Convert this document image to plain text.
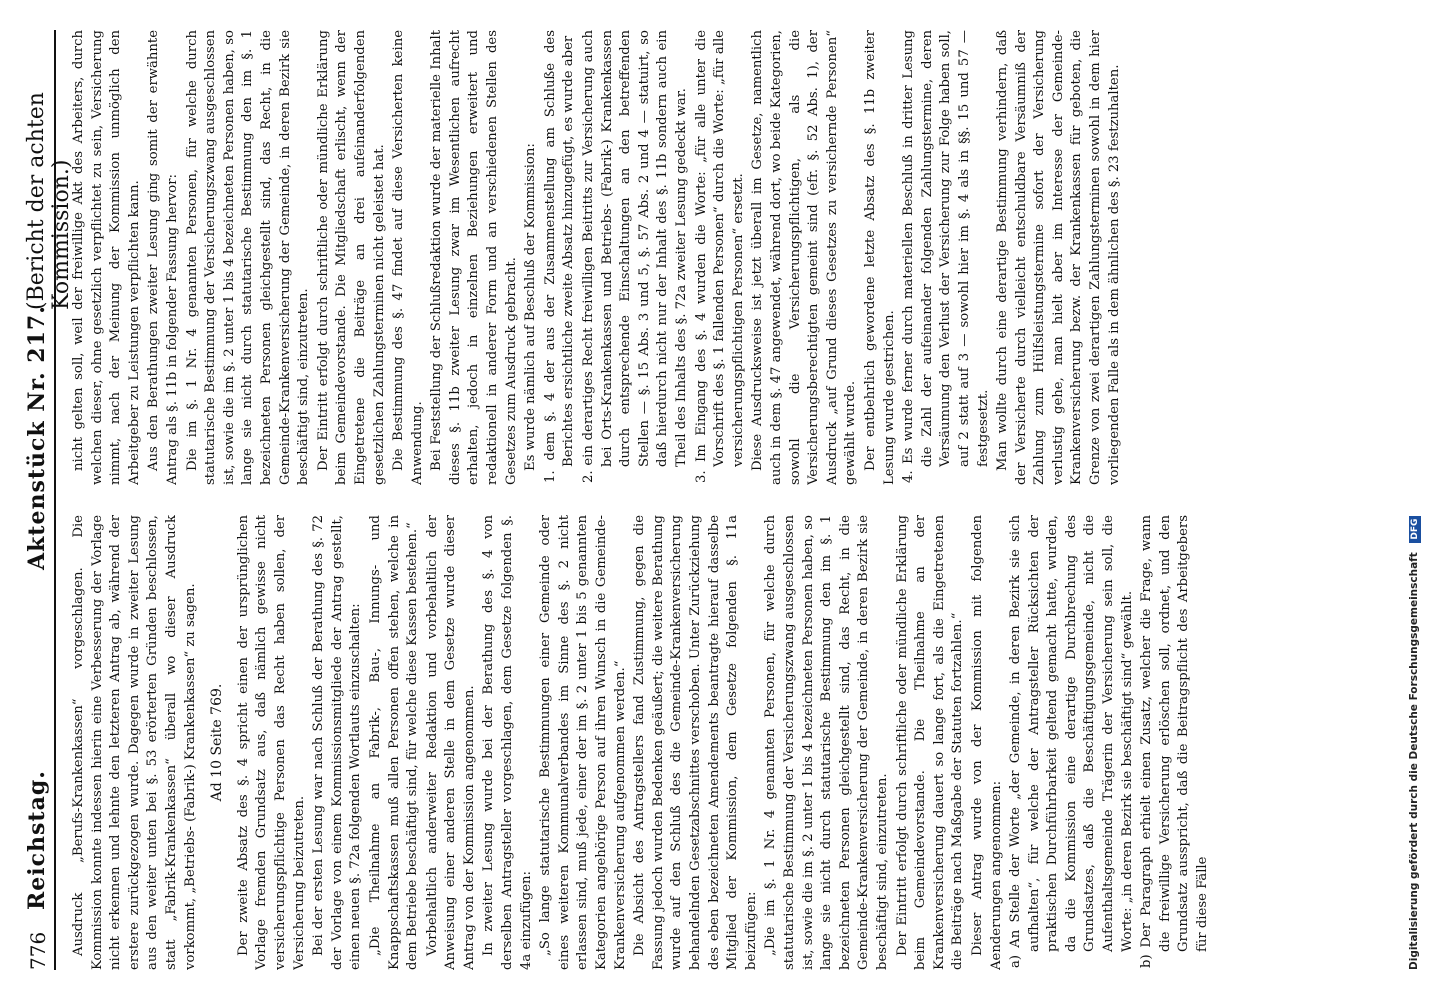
776
Reichstag.
Aktenstück Nr. 217.
(Bericht der achten Kommission.)

Ausdruck „Berufs-Krankenkassen“ vorgeschlagen. Die Kommission konnte indessen hierin eine Verbesserung der Vorlage nicht erkennen und lehnte den letzteren Antrag ab, während der erstere zurückgezogen wurde. Dagegen wurde in zweiter Lesung aus den weiter unten bei §. 53 erörterten Gründen beschlossen, statt „Fabrik-Krankenkassen“ überall wo dieser Ausdruck vorkommt, „Betriebs- (Fabrik-) Krankenkassen“ zu sagen. Ad 10 Seite 769. Der zweite Absatz des §. 4 spricht einen der ursprünglichen Vorlage fremden Grundsatz aus, daß nämlich gewisse nicht versicherungspflichtige Personen das Recht haben sollen, der Versicherung beizutreten. Bei der ersten Lesung war nach Schluß der Berathung des §. 72 der Vorlage von einem Kommissionsmitgliede der Antrag gestellt, einen neuen §. 72a folgenden Wortlauts einzuschalten: „Die Theilnahme an Fabrik-, Bau-, Innungs- und Knappschaftskassen muß allen Personen offen stehen, welche in dem Betriebe beschäftigt sind, für welche diese Kassen bestehen.“ Vorbehaltlich anderweiter Redaktion und vorbehaltlich der Anweisung einer anderen Stelle in dem Gesetze wurde dieser Antrag von der Kommission angenommen. In zweiter Lesung wurde bei der Berathung des §. 4 von derselben Antragsteller vorgeschlagen, dem Gesetze folgenden §. 4a einzufügen: „So lange statutarische Bestimmungen einer Gemeinde oder eines weiteren Kommunalverbandes im Sinne des §. 2 nicht erlassen sind, muß jede, einer der im §. 2 unter 1 bis 5 genannten Kategorien angehörige Person auf ihren Wunsch in die Gemeinde-Krankenversicherung aufgenommen werden.“ Die Absicht des Antragstellers fand Zustimmung, gegen die Fassung jedoch wurden Bedenken geäußert; die weitere Berathung wurde auf den Schluß des die Gemeinde-Krankenversicherung behandelnden Gesetzabschnittes verschoben. Unter Zurückziehung des eben bezeichneten Amendements beantragte hierauf dasselbe Mitglied der Kommission, dem Gesetze folgenden §. 11a beizufügen: „Die im §. 1 Nr. 4 genannten Personen, für welche durch statutarische Bestimmung der Versicherungszwang ausgeschlossen ist, sowie die im §. 2 unter 1 bis 4 bezeichneten Personen haben, so lange sie nicht durch statutarische Bestimmung den im §. 1 bezeichneten Personen gleichgestellt sind, das Recht, in die Gemeinde-Krankenversicherung der Gemeinde, in deren Bezirk sie beschäftigt sind, einzutreten. Der Eintritt erfolgt durch schriftliche oder mündliche Erklärung beim Gemeindevorstande. Die Theilnahme an der Krankenversicherung dauert so lange fort, als die Eingetretenen die Beiträge nach Maßgabe der Statuten fortzahlen.“ Dieser Antrag wurde von der Kommission mit folgenden Aenderungen angenommen: a) An Stelle der Worte „der Gemeinde, in deren Bezirk sie sich aufhalten“, für welche der Antragsteller Rücksichten der praktischen Durchführbarkeit geltend gemacht hatte, wurden, da die Kommission eine derartige Durchbrechung des Grundsatzes, daß die Beschäftigungsgemeinde, nicht die Aufenthaltsgemeinde Trägerin der Versicherung sein soll, die Worte: „in deren Bezirk sie beschäftigt sind“ gewählt. b) Der Paragraph erhielt einen Zusatz, welcher die Frage, wann die freiwillige Versicherung erlöschen soll, ordnet, und den Grundsatz ausspricht, daß die Beitragspflicht des Arbeitgebers für diese Fälle

nicht gelten soll, weil der freiwillige Akt des Arbeiters, durch welchen dieser, ohne gesetzlich verpflichtet zu sein, Versicherung nimmt, nach der Meinung der Kommission unmöglich den Arbeitgeber zu Leistungen verpflichten kann. Aus den Berathungen zweiter Lesung ging somit der erwähnte Antrag als §. 11b in folgender Fassung hervor: Die im §. 1 Nr. 4 genannten Personen, für welche durch statutarische Bestimmung der Versicherungszwang ausgeschlossen ist, sowie die im §. 2 unter 1 bis 4 bezeichneten Personen haben, so lange sie nicht durch statutarische Bestimmung den im §. 1 bezeichneten Personen gleichgestellt sind, das Recht, in die Gemeinde-Krankenversicherung der Gemeinde, in deren Bezirk sie beschäftigt sind, einzutreten. Der Eintritt erfolgt durch schriftliche oder mündliche Erklärung beim Gemeindevorstande. Die Mitgliedschaft erlischt, wenn der Eingetretene die Beiträge an drei aufeinanderfolgenden gesetzlichen Zahlungsterminen nicht geleistet hat. Die Bestimmung des §. 47 findet auf diese Versicherten keine Anwendung. Bei Feststellung der Schlußredaktion wurde der materielle Inhalt dieses §. 11b zweiter Lesung zwar im Wesentlichen aufrecht erhalten, jedoch in einzelnen Beziehungen erweitert und redaktionell in anderer Form und an verschiedenen Stellen des Gesetzes zum Ausdruck gebracht. Es wurde nämlich auf Beschluß der Kommission: 1. dem §. 4 der aus der Zusammenstellung am Schluße des Berichtes ersichtliche zweite Absatz hinzugefügt, es wurde aber 2. ein derartiges Recht freiwilligen Beitritts zur Versicherung auch bei Orts-Krankenkassen und Betriebs- (Fabrik-) Krankenkassen durch entsprechende Einschaltungen an den betreffenden Stellen — §. 15 Abs. 3 und 5, §. 57 Abs. 2 und 4 — statuirt, so daß hierdurch nicht nur der Inhalt des §. 11b sondern auch ein Theil des Inhalts des §. 72a zweiter Lesung gedeckt war. 3. Im Eingang des §. 4 wurden die Worte: „für alle unter die Vorschrift des §. 1 fallenden Personen“ durch die Worte: „für alle versicherungspflichtigen Personen“ ersetzt. Diese Ausdrucksweise ist jetzt überall im Gesetze, namentlich auch in dem §. 47 angewendet, während dort, wo beide Kategorien, sowohl die Versicherungspflichtigen, als die Versicherungsberechtigten gemeint sind (efr. §. 52 Abs. 1), der Ausdruck „auf Grund dieses Gesetzes zu versichernde Personen“ gewählt wurde. Der entbehrlich gewordene letzte Absatz des §. 11b zweiter Lesung wurde gestrichen. 4. Es wurde ferner durch materiellen Beschluß in dritter Lesung die Zahl der aufeinander folgenden Zahlungstermine, deren Versäumung den Verlust der Versicherung zur Folge haben soll, auf 2 statt auf 3 — sowohl hier im §. 4 als in §§. 15 und 57 — festgesetzt. Man wollte durch eine derartige Bestimmung verhindern, daß der Versicherte durch vielleicht entschuldbare Versäumniß der Zahlung zum Hülfsleistungstermine sofort der Versicherung verlustig gehe, man hielt aber im Interesse der Gemeinde-Krankenversicherung bezw. der Krankenkassen für geboten, die Grenze von zwei derartigen Zahlungsterminen sowohl in dem hier vorliegenden Falle als in dem ähnlichen des §. 23 festzuhalten.

Digitalisierung gefördert durch die Deutsche Forschungsgemeinschaft DFG
